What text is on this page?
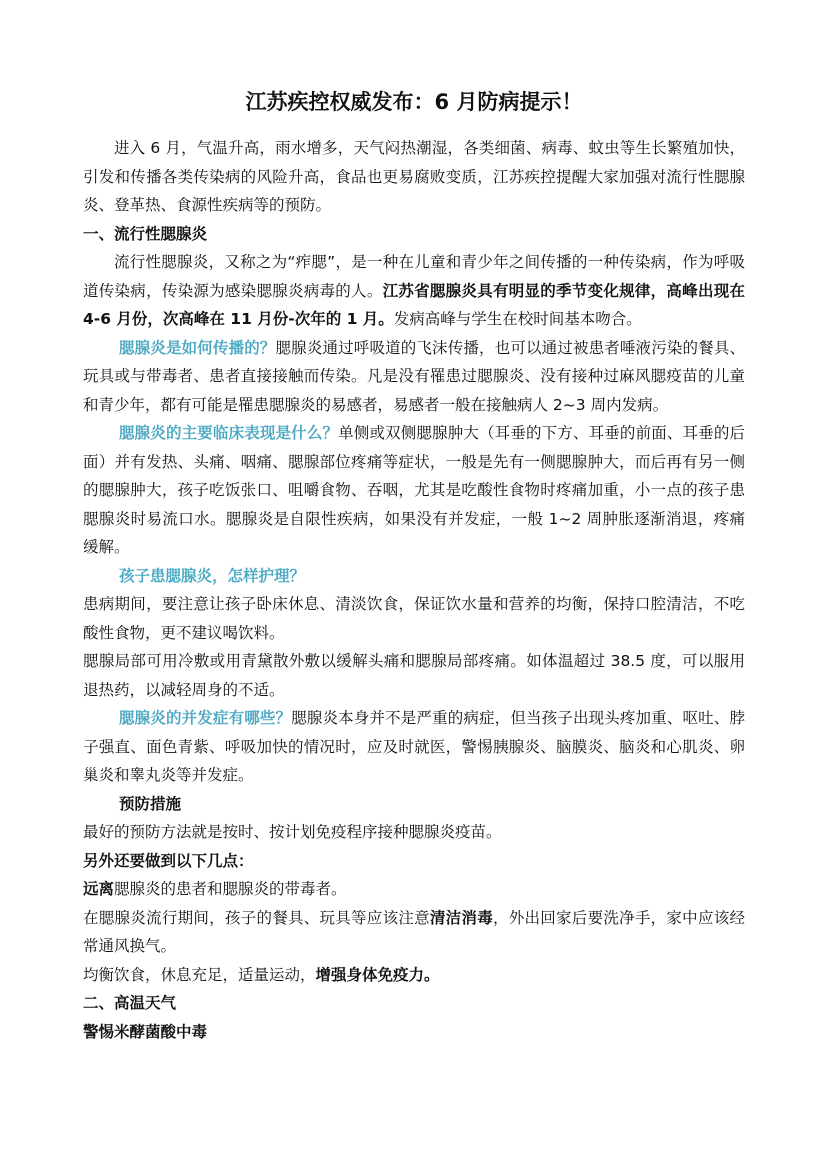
江苏疾控权威发布：6 月防病提示！

进入 6 月，气温升高，雨水增多，天气闷热潮湿，各类细菌、病毒、蚊虫等生长繁殖加快，引发和传播各类传染病的风险升高，食品也更易腐败变质，江苏疾控提醒大家加强对流行性腮腺炎、登革热、食源性疾病等的预防。

一、流行性腮腺炎

流行性腮腺炎，又称之为“痄腮”，是一种在儿童和青少年之间传播的一种传染病，作为呼吸道传染病，传染源为感染腮腺炎病毒的人。江苏省腮腺炎具有明显的季节变化规律，高峰出现在 4-6 月份，次高峰在 11 月份-次年的 1 月。发病高峰与学生在校时间基本吻合。

腮腺炎是如何传播的？腮腺炎通过呼吸道的飞沫传播，也可以通过被患者唾液污染的餐具、玩具或与带毒者、患者直接接触而传染。凡是没有罹患过腮腺炎、没有接种过麻风腮疫苗的儿童和青少年，都有可能是罹患腮腺炎的易感者，易感者一般在接触病人 2~3 周内发病。

腮腺炎的主要临床表现是什么？单侧或双侧腮腺肿大（耳垂的下方、耳垂的前面、耳垂的后面）并有发热、头痛、咽痛、腮腺部位疼痛等症状，一般是先有一侧腮腺肿大，而后再有另一侧的腮腺肿大，孩子吃饭张口、咀嚼食物、吞咽，尤其是吃酸性食物时疼痛加重，小一点的孩子患腮腺炎时易流口水。腮腺炎是自限性疾病，如果没有并发症，一般 1~2 周肿胀逐渐消退，疼痛缓解。

孩子患腮腺炎，怎样护理？

患病期间，要注意让孩子卧床休息、清淡饮食，保证饮水量和营养的均衡，保持口腔清洁，不吃酸性食物，更不建议喝饮料。

腮腺局部可用冷敷或用青黛散外敷以缓解头痛和腮腺局部疼痛。如体温超过 38.5 度，可以服用退热药，以减轻周身的不适。

腮腺炎的并发症有哪些？腮腺炎本身并不是严重的病症，但当孩子出现头疼加重、呕吐、脖子强直、面色青紫、呼吸加快的情况时，应及时就医，警惕胰腺炎、脑膜炎、脑炎和心肌炎、卵巢炎和睾丸炎等并发症。

预防措施

最好的预防方法就是按时、按计划免疫程序接种腮腺炎疫苗。

另外还要做到以下几点：

远离腮腺炎的患者和腮腺炎的带毒者。

在腮腺炎流行期间，孩子的餐具、玩具等应该注意清洁消毒，外出回家后要洗净手，家中应该经常通风换气。

均衡饮食，休息充足，适量运动，增强身体免疫力。

二、高温天气

警惕米酵菌酸中毒
